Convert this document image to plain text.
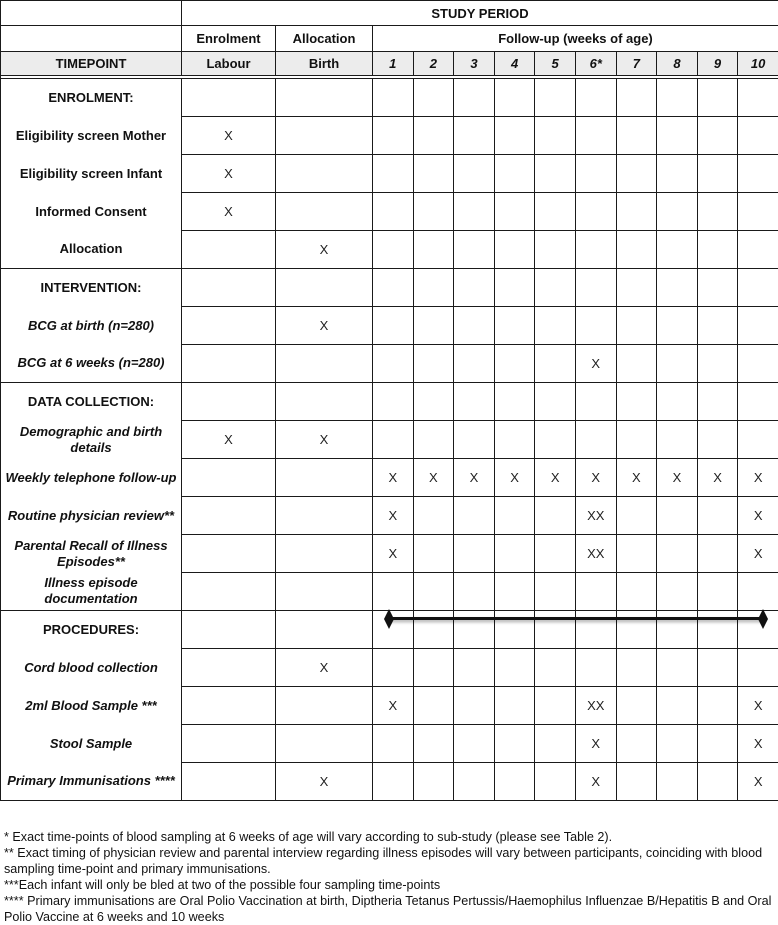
	STUDY PERIOD											
	Enrolment	Allocation	Follow-up (weeks of age)									
TIMEPOINT	Labour	Birth	1	2	3	4	5	6*	7	8	9	10

ENROLMENT:												
Eligibility screen Mother	X											
Eligibility screen Infant	X											
Informed Consent	X											
Allocation		X										
INTERVENTION:												
BCG at birth (n=280)		X										
BCG at 6 weeks (n=280)								X				
DATA COLLECTION:												
Demographic and birth details	X	X										
Weekly telephone follow-up			X	X	X	X	X	X	X	X	X	X
Routine physician review**			X					XX				X
Parental Recall of Illness Episodes**			X					XX				X
Illness episode documentation												
PROCEDURES:												
Cord blood collection		X										
2ml Blood Sample ***			X					XX				X
Stool Sample								X				X
Primary Immunisations ****		X						X				X

* Exact time-points of blood sampling at 6 weeks of age will vary according to sub-study (please see Table 2).

** Exact timing of physician review and parental interview regarding illness episodes will vary between participants, coinciding with blood sampling time-point and primary immunisations.

***Each infant will only be bled at two of the possible four sampling time-points

**** Primary immunisations are Oral Polio Vaccination at birth, Diptheria Tetanus Pertussis/Haemophilus Influenzae B/Hepatitis B and Oral Polio Vaccine at 6 weeks and 10 weeks
